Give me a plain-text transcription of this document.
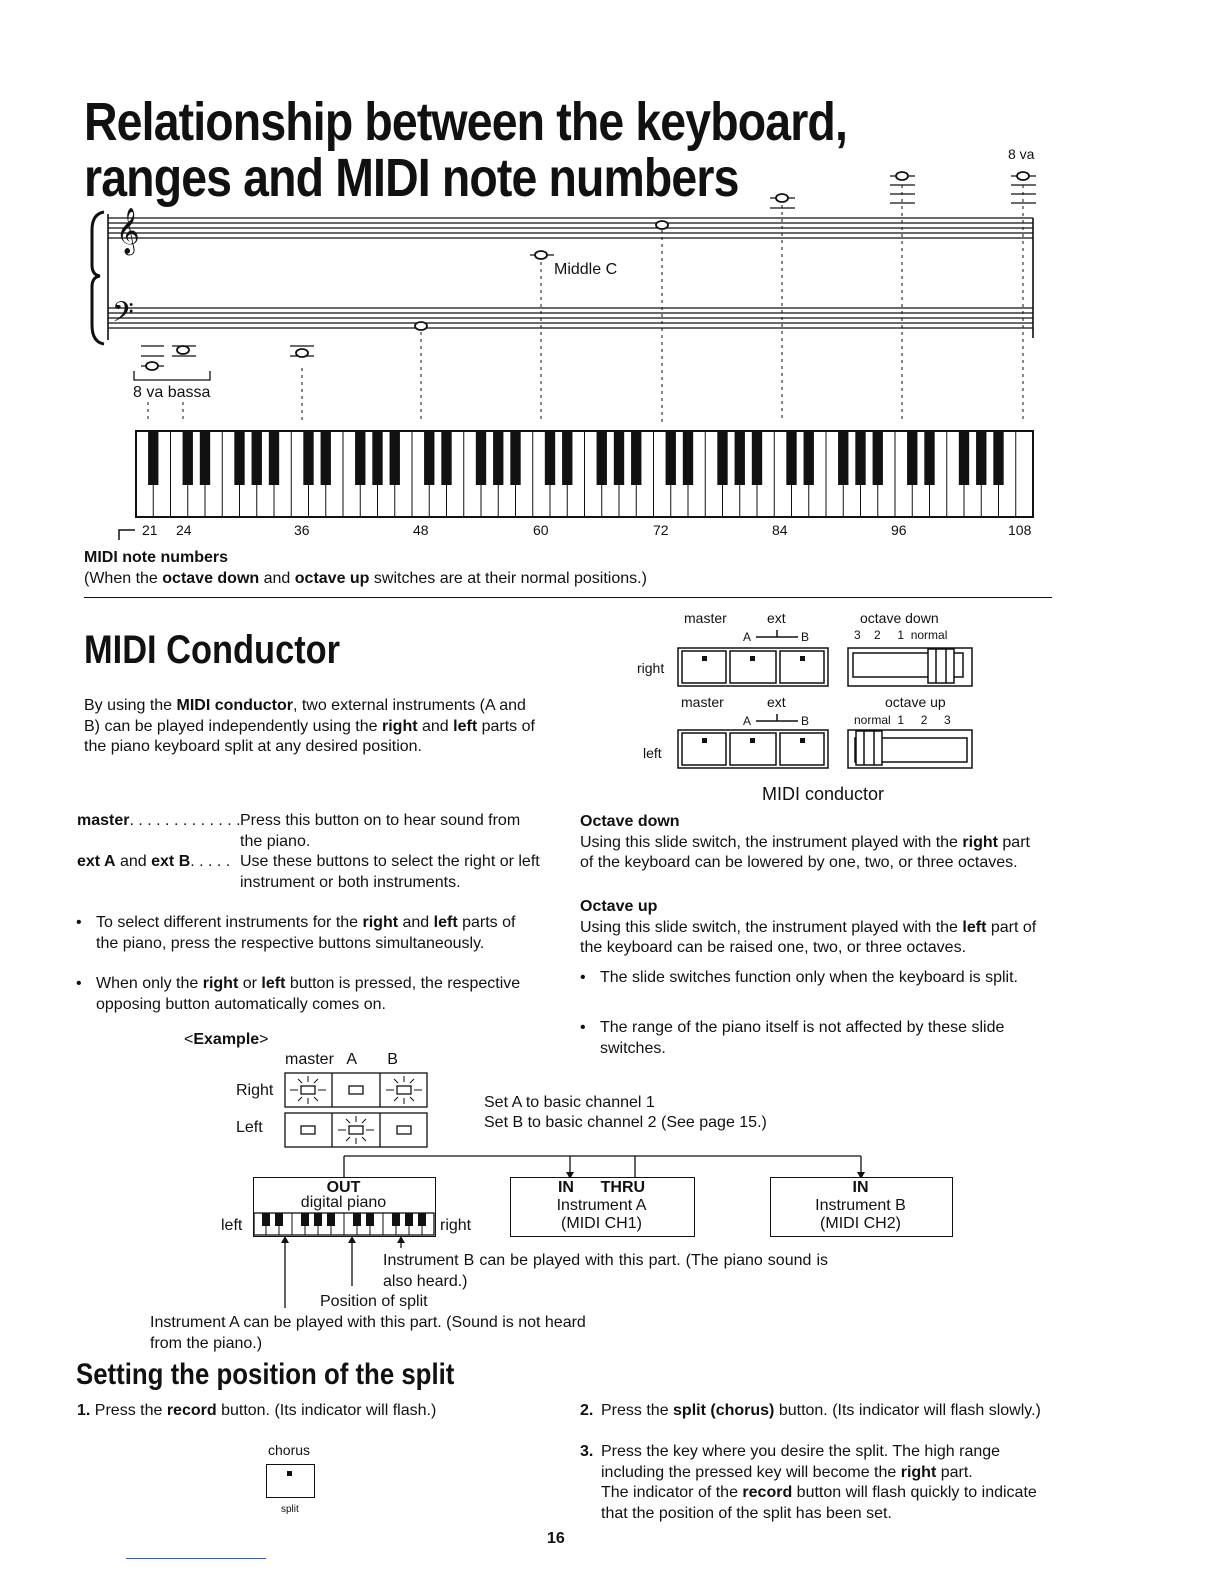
Relationship between the keyboard,
ranges and MIDI note numbers
𝄞
𝄢
8 va
Middle C
8 va bassa
21 24	36	48	60	72	84	96	108
MIDI note numbers
(When the octave down and octave up switches are at their normal positions.)
MIDI Conductor
By using the MIDI conductor, two external instruments (A and B) can be played independently using the right and left parts of the piano keyboard split at any desired position.
master	ext
A	B
octave down
3    2     1  normal
right
master	ext
A	B
octave up
normal  1     2     3
left
MIDI conductor
master. . . . . . . . . . . . . Press this button on to hear sound from the piano.
ext A and ext B. . . . . Use these buttons to select the right or left instrument or both instruments.
• To select different instruments for the right and left parts of the piano, press the respective buttons simultaneously.
• When only the right or left button is pressed, the respective opposing button automatically comes on.
Octave down
Using this slide switch, the instrument played with the right part of the keyboard can be lowered by one, two, or three octaves.
Octave up
Using this slide switch, the instrument played with the left part of the keyboard can be raised one, two, or three octaves.
• The slide switches function only when the keyboard is split.
• The range of the piano itself is not affected by these slide switches.
<Example>
master   A       B
Right
Left
Set A to basic channel 1
Set B to basic channel 2 (See page 15.)
OUT
digital piano
left	right
IN      THRU
Instrument A
(MIDI CH1)
IN
Instrument B
(MIDI CH2)
Instrument B can be played with this part. (The piano sound is also heard.)
Position of split
Instrument A can be played with this part. (Sound is not heard from the piano.)
Setting the position of the split
1. Press the record button. (Its indicator will flash.)
chorus
split
2. Press the split (chorus) button. (Its indicator will flash slowly.)
3. Press the key where you desire the split. The high range including the pressed key will become the right part.
The indicator of the record button will flash quickly to indicate that the position of the split has been set.
16
